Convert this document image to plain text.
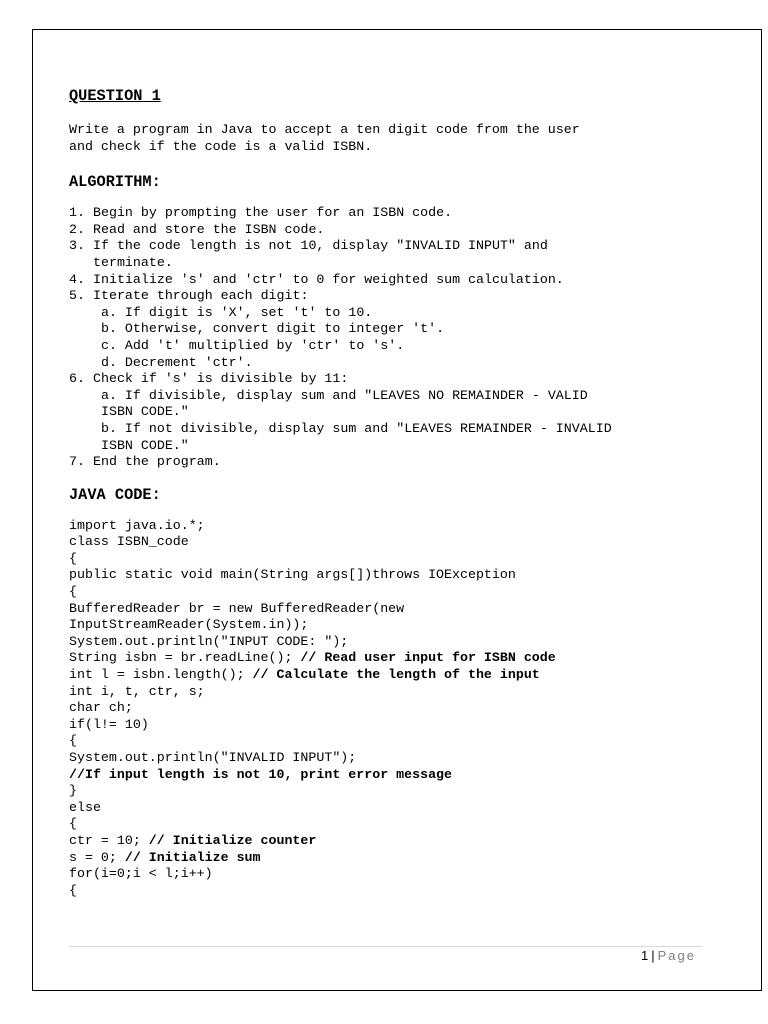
QUESTION 1
Write a program in Java to accept a ten digit code from the user
and check if the code is a valid ISBN.
ALGORITHM:
1. Begin by prompting the user for an ISBN code.
2. Read and store the ISBN code.
3. If the code length is not 10, display "INVALID INPUT" and
terminate.
4. Initialize 's' and 'ctr' to 0 for weighted sum calculation.
5. Iterate through each digit:
a. If digit is 'X', set 't' to 10.
b. Otherwise, convert digit to integer 't'.
c. Add 't' multiplied by 'ctr' to 's'.
d. Decrement 'ctr'.
6. Check if 's' is divisible by 11:
a. If divisible, display sum and "LEAVES NO REMAINDER - VALID
ISBN CODE."
b. If not divisible, display sum and "LEAVES REMAINDER - INVALID
ISBN CODE."
7. End the program.
JAVA CODE:
import java.io.*;
class ISBN_code
{
public static void main(String args[])throws IOException
{
BufferedReader br = new BufferedReader(new
InputStreamReader(System.in));
System.out.println("INPUT CODE: ");
String isbn = br.readLine(); // Read user input for ISBN code
int l = isbn.length(); // Calculate the length of the input
int i, t, ctr, s;
char ch;
if(l!= 10)
{
System.out.println("INVALID INPUT");
//If input length is not 10, print error message
}
else
{
ctr = 10; // Initialize counter
s = 0; // Initialize sum
for(i=0;i < l;i++)
{
1 | Page
